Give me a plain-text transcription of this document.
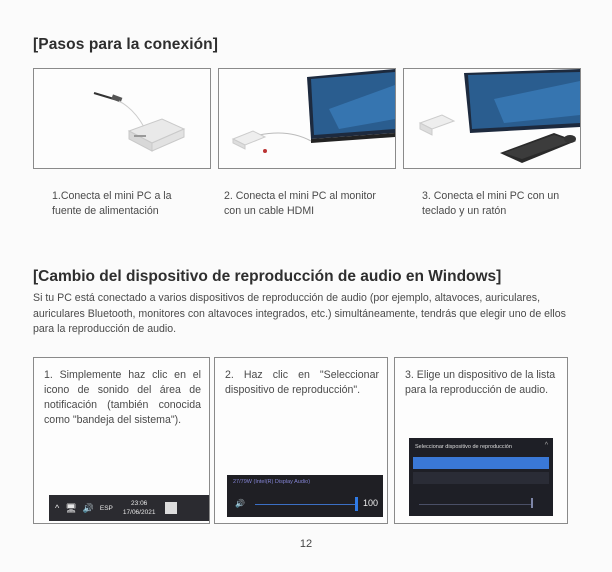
[Pasos para la conexión]
1.Conecta el mini PC a la fuente de alimentación
2. Conecta el mini PC al monitor con un cable HDMI
3. Conecta el mini PC con un teclado y un ratón
[Cambio del dispositivo de reproducción de audio en Windows]
Si tu PC está conectado a varios dispositivos de reproducción de audio (por ejemplo, altavoces, auriculares, auriculares Bluetooth, monitores con altavoces integrados, etc.) simultáneamente, tendrás que elegir uno de ellos para la reproducción de audio.
1. Simplemente haz clic en el icono de sonido del área de notificación (también conocida como "bandeja del sistema").
^ 🖥 🔊 ESP
23:06
17/06/2021
2. Haz clic en "Seleccionar dispositivo de reproducción".
27/79W (Intel(R) Display Audio)
🔊	100
3. Elige un dispositivo de la lista para la reproducción de audio.
Seleccionar dispositivo de reproducción	^
12
